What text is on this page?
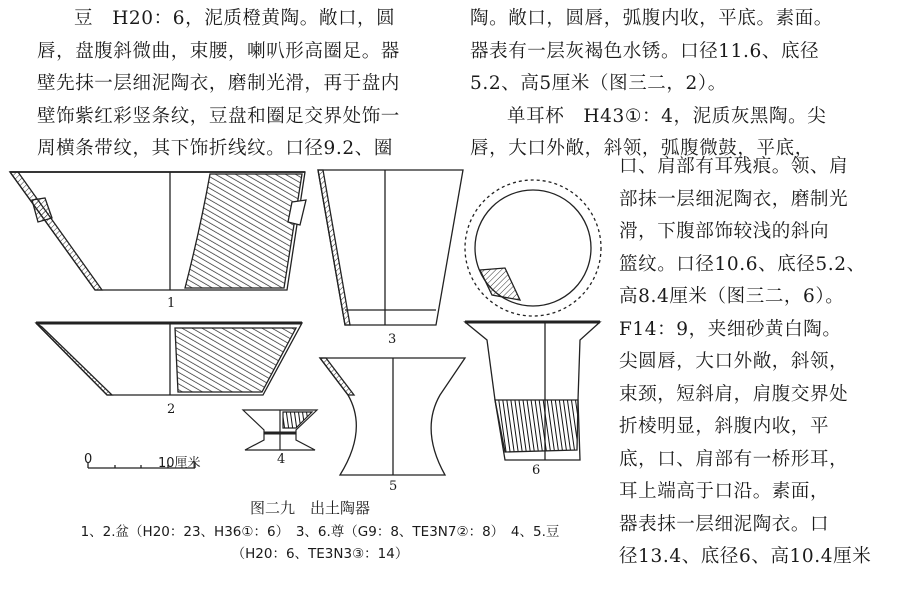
豆　H20：6，泥质橙黄陶。敞口，圆
唇，盘腹斜微曲，束腰，喇叭形高圈足。器
壁先抹一层细泥陶衣，磨制光滑，再于盘内
壁饰紫红彩竖条纹，豆盘和圈足交界处饰一
周横条带纹，其下饰折线纹。口径9.2、圈

陶。敞口，圆唇，弧腹内收，平底。素面。
器表有一层灰褐色水锈。口径11.6、底径
5.2、高5厘米（图三二，2）。
单耳杯　H43①：4，泥质灰黑陶。尖
唇，大口外敞，斜领，弧腹微鼓，平底，
口、肩部有耳残痕。领、肩
部抹一层细泥陶衣，磨制光
滑，下腹部饰较浅的斜向
篮纹。口径10.6、底径5.2、
高8.4厘米（图三二，6）。
F14：9，夹细砂黄白陶。
尖圆唇，大口外敞，斜领，
束颈，短斜肩，肩腹交界处
折棱明显，斜腹内收，平
底，口、肩部有一桥形耳，
耳上端高于口沿。素面，
器表抹一层细泥陶衣。口
径13.4、底径6、高10.4厘米
1
2
3
4
5
6
0	10厘米
图二九　出土陶器
1、2.盆（H20：23、H36①：6）　3、6.尊（G9：8、TE3N7②：8）　4、5.豆
（H20：6、TE3N3③：14）
